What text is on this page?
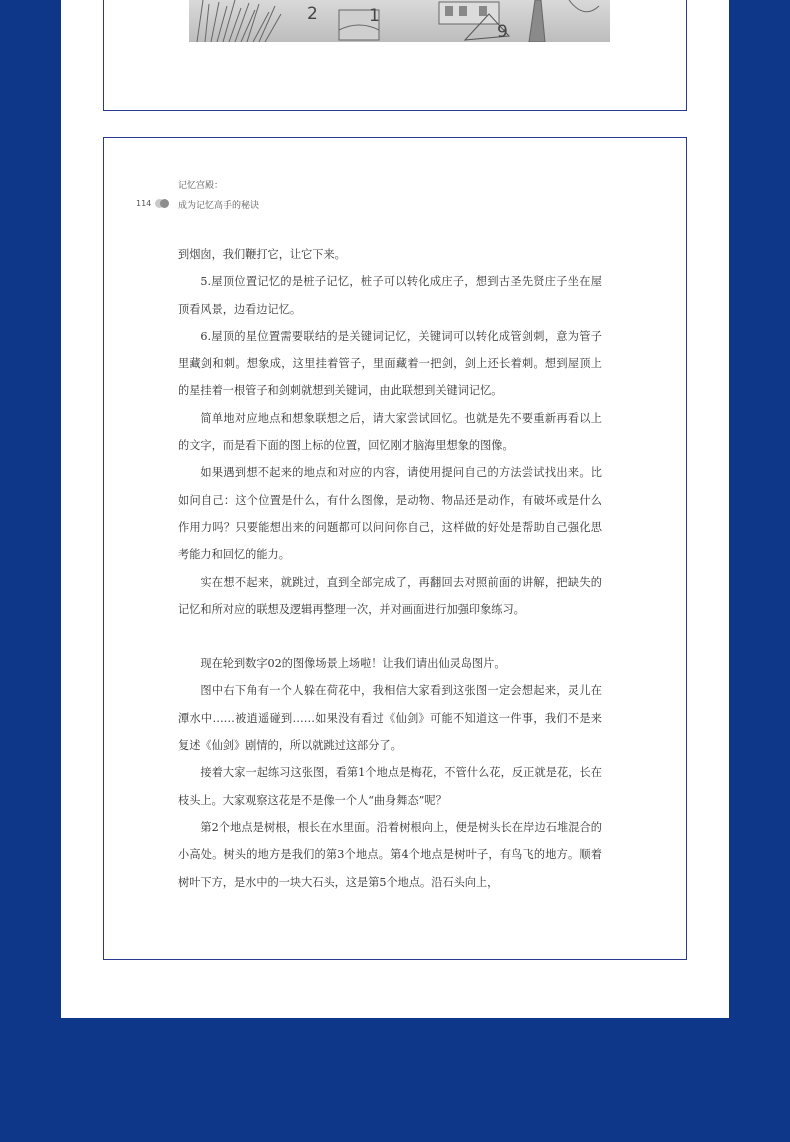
2	1
9
记忆宫殿：
114	成为记忆高手的秘诀

到烟囱，我们鞭打它，让它下来。

5.屋顶位置记忆的是桩子记忆，桩子可以转化成庄子，想到古圣先贤庄子坐在屋顶看风景，边看边记忆。

6.屋顶的星位置需要联结的是关键词记忆，关键词可以转化成管剑刺，意为管子里藏剑和刺。想象成，这里挂着管子，里面藏着一把剑，剑上还长着刺。想到屋顶上的星挂着一根管子和剑刺就想到关键词，由此联想到关键词记忆。

简单地对应地点和想象联想之后，请大家尝试回忆。也就是先不要重新再看以上的文字，而是看下面的图上标的位置，回忆刚才脑海里想象的图像。

如果遇到想不起来的地点和对应的内容，请使用提问自己的方法尝试找出来。比如问自己：这个位置是什么，有什么图像，是动物、物品还是动作，有破坏或是什么作用力吗？只要能想出来的问题都可以问问你自己，这样做的好处是帮助自己强化思考能力和回忆的能力。

实在想不起来，就跳过，直到全部完成了，再翻回去对照前面的讲解，把缺失的记忆和所对应的联想及逻辑再整理一次，并对画面进行加强印象练习。

现在轮到数字02的图像场景上场啦！让我们请出仙灵岛图片。

图中右下角有一个人躲在荷花中，我相信大家看到这张图一定会想起来，灵儿在潭水中……被逍遥碰到……如果没有看过《仙剑》可能不知道这一件事，我们不是来复述《仙剑》剧情的，所以就跳过这部分了。

接着大家一起练习这张图，看第1个地点是梅花，不管什么花，反正就是花，长在枝头上。大家观察这花是不是像一个人“曲身舞态”呢？

第2个地点是树根，根长在水里面。沿着树根向上，便是树头长在岸边石堆混合的小高处。树头的地方是我们的第3个地点。第4个地点是树叶子，有鸟飞的地方。顺着树叶下方，是水中的一块大石头，这是第5个地点。沿石头向上，
